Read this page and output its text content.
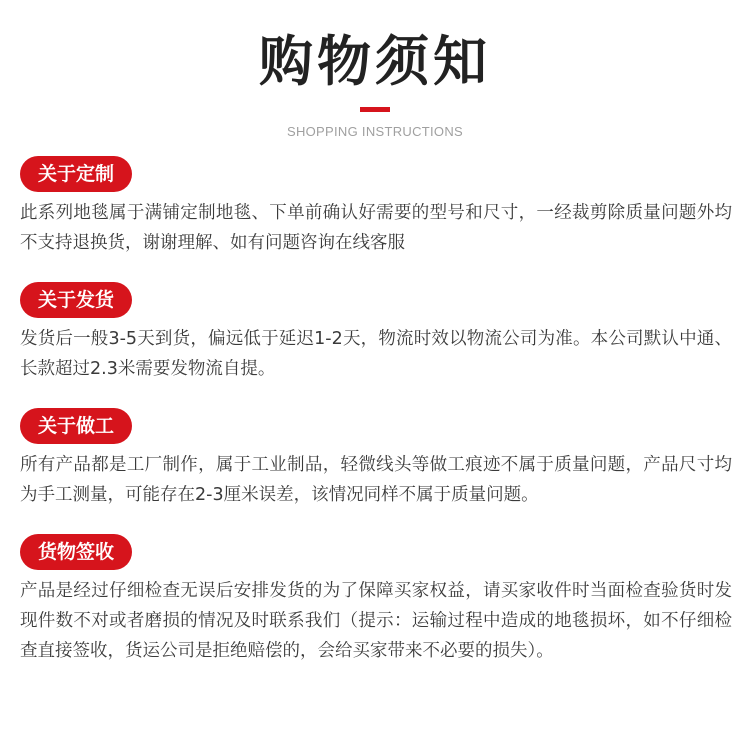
购物须知
SHOPPING INSTRUCTIONS
关于定制
此系列地毯属于满铺定制地毯、下单前确认好需要的型号和尺寸，一经裁剪除质量问题外均不支持退换货，谢谢理解、如有问题咨询在线客服
关于发货
发货后一般3-5天到货，偏远低于延迟1-2天，物流时效以物流公司为准。本公司默认中通、长款超过2.3米需要发物流自提。
关于做工
所有产品都是工厂制作，属于工业制品，轻微线头等做工痕迹不属于质量问题，产品尺寸均为手工测量，可能存在2-3厘米误差，该情况同样不属于质量问题。
货物签收
产品是经过仔细检查无误后安排发货的为了保障买家权益，请买家收件时当面检查验货时发现件数不对或者磨损的情况及时联系我们（提示：运输过程中造成的地毯损坏，如不仔细检查直接签收，货运公司是拒绝赔偿的，会给买家带来不必要的损失）。
